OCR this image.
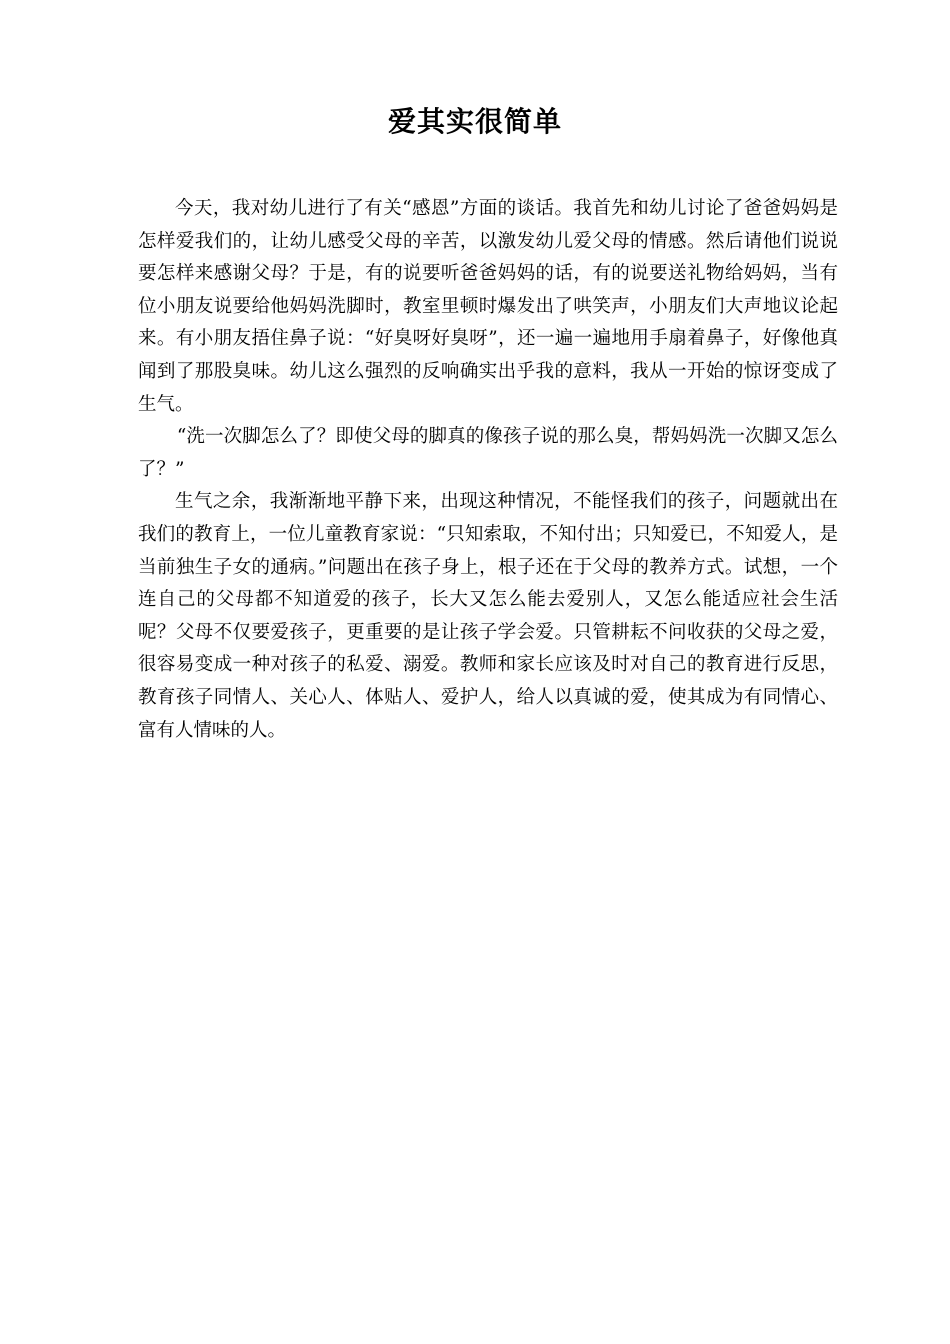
爱其实很简单

今天，我对幼儿进行了有关“感恩”方面的谈话。我首先和幼儿讨论了爸爸妈妈是怎样爱我们的，让幼儿感受父母的辛苦，以激发幼儿爱父母的情感。然后请他们说说要怎样来感谢父母？于是，有的说要听爸爸妈妈的话，有的说要送礼物给妈妈，当有位小朋友说要给他妈妈洗脚时，教室里顿时爆发出了哄笑声，小朋友们大声地议论起来。有小朋友捂住鼻子说：“好臭呀好臭呀”，还一遍一遍地用手扇着鼻子，好像他真闻到了那股臭味。幼儿这么强烈的反响确实出乎我的意料，我从一开始的惊讶变成了生气。

“洗一次脚怎么了？即使父母的脚真的像孩子说的那么臭，帮妈妈洗一次脚又怎么了？”

生气之余，我渐渐地平静下来，出现这种情况，不能怪我们的孩子，问题就出在我们的教育上，一位儿童教育家说：“只知索取，不知付出；只知爱已，不知爱人，是当前独生子女的通病。”问题出在孩子身上，根子还在于父母的教养方式。试想，一个连自己的父母都不知道爱的孩子，长大又怎么能去爱别人，又怎么能适应社会生活呢？父母不仅要爱孩子，更重要的是让孩子学会爱。只管耕耘不问收获的父母之爱，很容易变成一种对孩子的私爱、溺爱。教师和家长应该及时对自己的教育进行反思，教育孩子同情人、关心人、体贴人、爱护人，给人以真诚的爱，使其成为有同情心、富有人情味的人。
